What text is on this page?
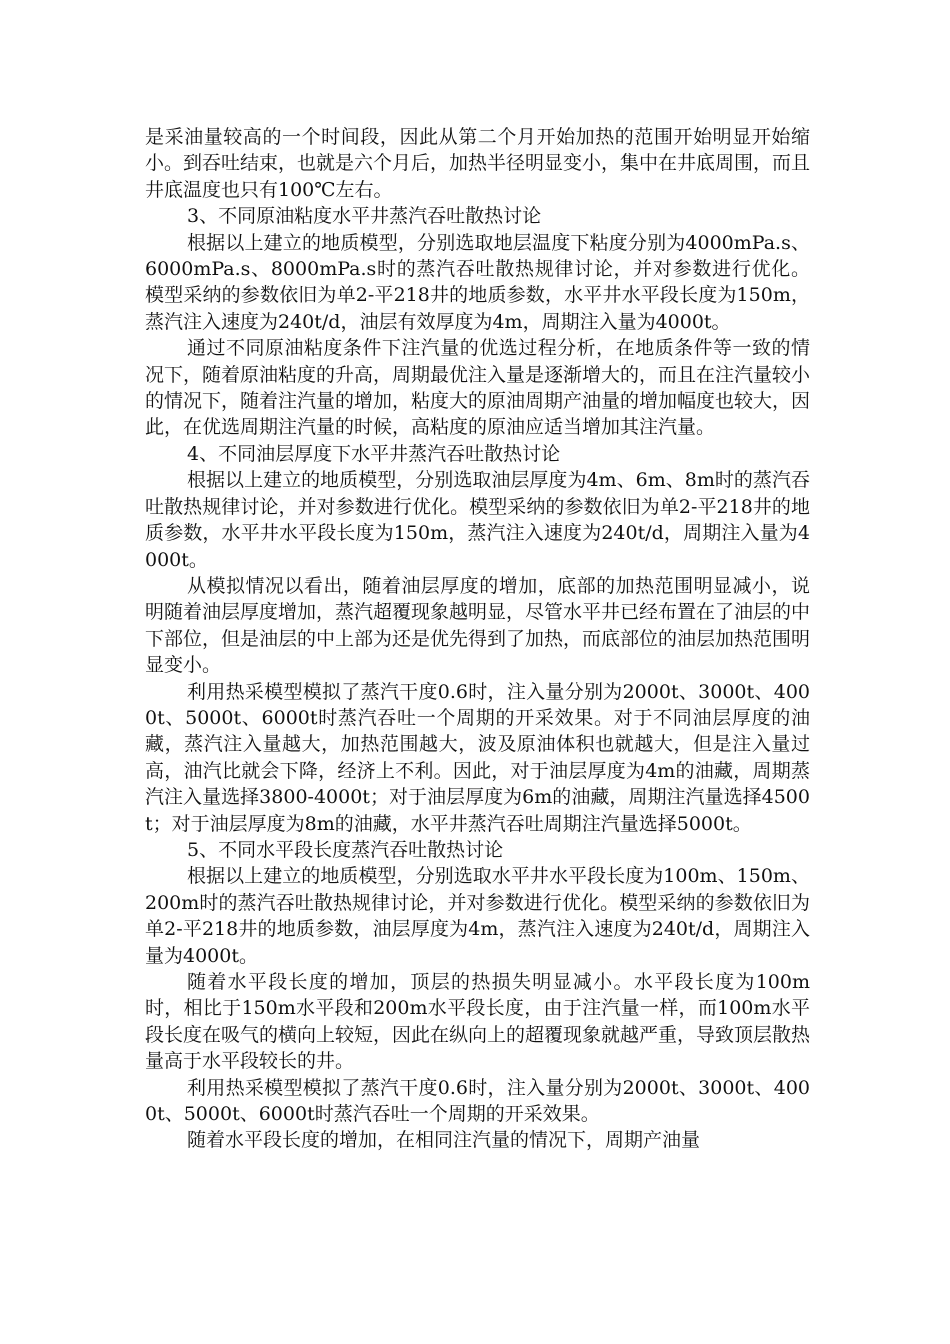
是采油量较高的一个时间段，因此从第二个月开始加热的范围开始明显开始缩小。到吞吐结束，也就是六个月后，加热半径明显变小，集中在井底周围，而且井底温度也只有100℃左右。

3、不同原油粘度水平井蒸汽吞吐散热讨论

根据以上建立的地质模型，分别选取地层温度下粘度分别为4000mPa.s、6000mPa.s、8000mPa.s时的蒸汽吞吐散热规律讨论，并对参数进行优化。模型采纳的参数依旧为单2-平218井的地质参数，水平井水平段长度为150m，蒸汽注入速度为240t/d，油层有效厚度为4m，周期注入量为4000t。

通过不同原油粘度条件下注汽量的优选过程分析，在地质条件等一致的情况下，随着原油粘度的升高，周期最优注入量是逐渐增大的，而且在注汽量较小的情况下，随着注汽量的增加，粘度大的原油周期产油量的增加幅度也较大，因此，在优选周期注汽量的时候，高粘度的原油应适当增加其注汽量。

4、不同油层厚度下水平井蒸汽吞吐散热讨论

根据以上建立的地质模型，分别选取油层厚度为4m、6m、8m时的蒸汽吞吐散热规律讨论，并对参数进行优化。模型采纳的参数依旧为单2-平218井的地质参数，水平井水平段长度为150m，蒸汽注入速度为240t/d，周期注入量为4000t。

从模拟情况以看出，随着油层厚度的增加，底部的加热范围明显减小，说明随着油层厚度增加，蒸汽超覆现象越明显，尽管水平井已经布置在了油层的中下部位，但是油层的中上部为还是优先得到了加热，而底部位的油层加热范围明显变小。

利用热采模型模拟了蒸汽干度0.6时，注入量分别为2000t、3000t、4000t、5000t、6000t时蒸汽吞吐一个周期的开采效果。对于不同油层厚度的油藏，蒸汽注入量越大，加热范围越大，波及原油体积也就越大，但是注入量过高，油汽比就会下降，经济上不利。因此，对于油层厚度为4m的油藏，周期蒸汽注入量选择3800-4000t；对于油层厚度为6m的油藏，周期注汽量选择4500t；对于油层厚度为8m的油藏，水平井蒸汽吞吐周期注汽量选择5000t。

5、不同水平段长度蒸汽吞吐散热讨论

根据以上建立的地质模型，分别选取水平井水平段长度为100m、150m、200m时的蒸汽吞吐散热规律讨论，并对参数进行优化。模型采纳的参数依旧为单2-平218井的地质参数，油层厚度为4m，蒸汽注入速度为240t/d，周期注入量为4000t。

随着水平段长度的增加，顶层的热损失明显减小。水平段长度为100m时，相比于150m水平段和200m水平段长度，由于注汽量一样，而100m水平段长度在吸气的横向上较短，因此在纵向上的超覆现象就越严重，导致顶层散热量高于水平段较长的井。

利用热采模型模拟了蒸汽干度0.6时，注入量分别为2000t、3000t、4000t、5000t、6000t时蒸汽吞吐一个周期的开采效果。

随着水平段长度的增加，在相同注汽量的情况下，周期产油量
